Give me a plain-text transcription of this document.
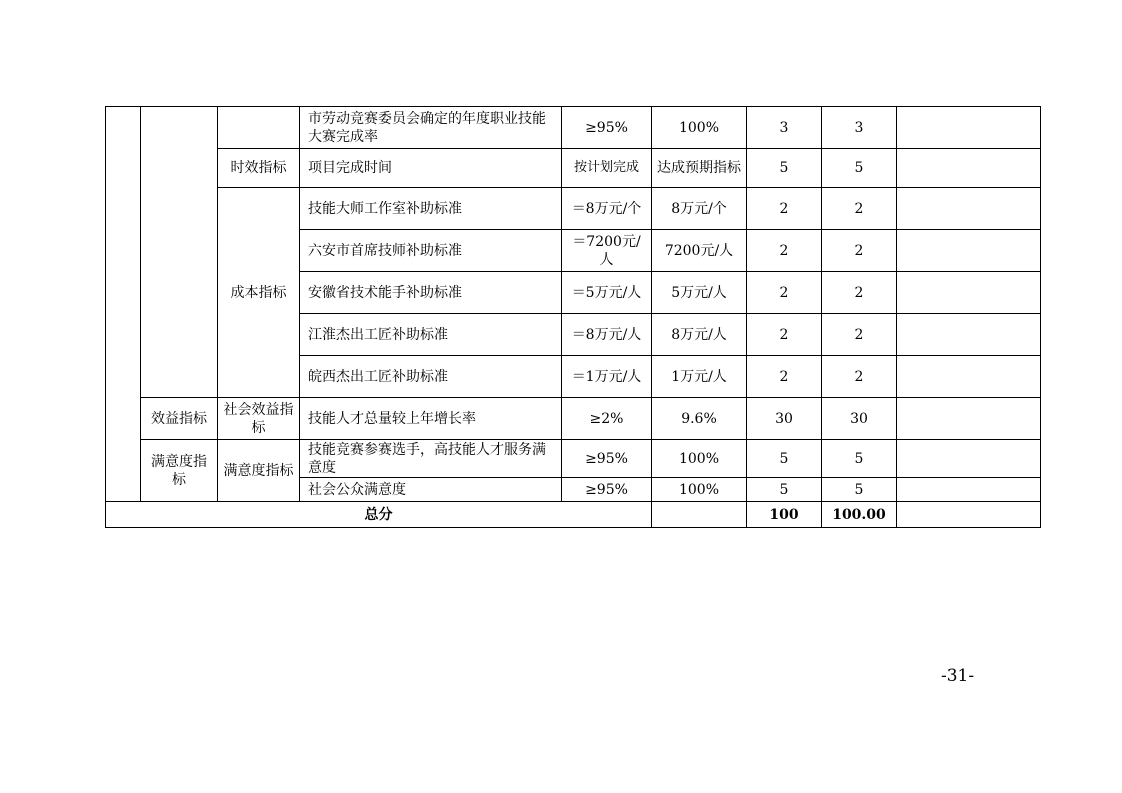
			市劳动竞赛委员会确定的年度职业技能大赛完成率	≥95%	100%	3	3	
		时效指标	项目完成时间	按计划完成	达成预期指标	5	5	
		成本指标	技能大师工作室补助标准	＝8万元/个	8万元/个	2	2	
			六安市首席技师补助标准	＝7200元/人	7200元/人	2	2	
			安徽省技术能手补助标准	＝5万元/人	5万元/人	2	2	
			江淮杰出工匠补助标准	＝8万元/人	8万元/人	2	2	
			皖西杰出工匠补助标准	＝1万元/人	1万元/人	2	2	
	效益指标	社会效益指标	技能人才总量较上年增长率	≥2%	9.6%	30	30	
	满意度指标	满意度指标	技能竞赛参赛选手，高技能人才服务满意度	≥95%	100%	5	5	
			社会公众满意度	≥95%	100%	5	5	
总分						100	100.00	
-31-
